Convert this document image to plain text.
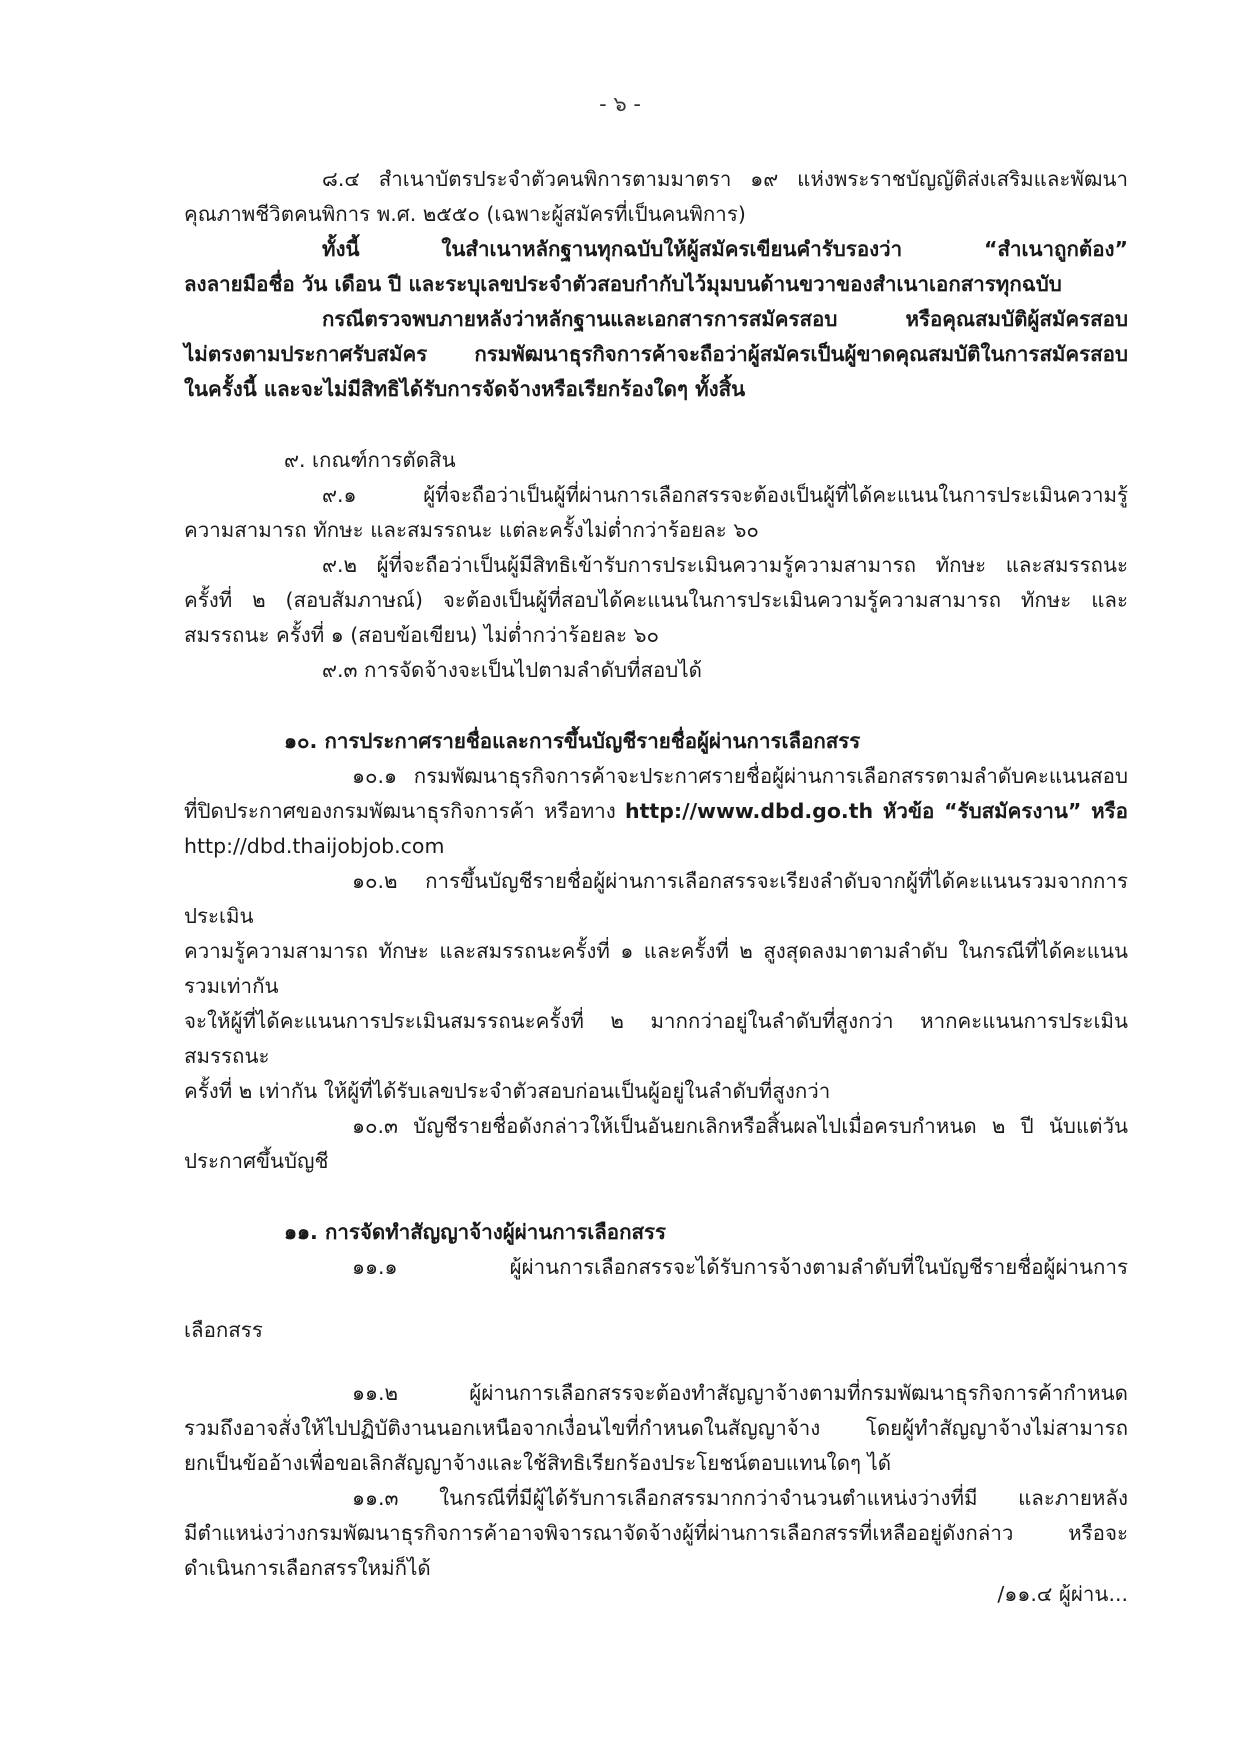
- ๖ -

๘.๔ สำเนาบัตรประจำตัวคนพิการตามมาตรา ๑๙ แห่งพระราชบัญญัติส่งเสริมและพัฒนา

คุณภาพชีวิตคนพิการ พ.ศ. ๒๕๕๐ (เฉพาะผู้สมัครที่เป็นคนพิการ)

ทั้งนี้ ในสำเนาหลักฐานทุกฉบับให้ผู้สมัครเขียนคำรับรองว่า “สำเนาถูกต้อง”

ลงลายมือชื่อ วัน เดือน ปี และระบุเลขประจำตัวสอบกำกับไว้มุมบนด้านขวาของสำเนาเอกสารทุกฉบับ

กรณีตรวจพบภายหลังว่าหลักฐานและเอกสารการสมัครสอบ หรือคุณสมบัติผู้สมัครสอบ

ไม่ตรงตามประกาศรับสมัคร กรมพัฒนาธุรกิจการค้าจะถือว่าผู้สมัครเป็นผู้ขาดคุณสมบัติในการสมัครสอบ

ในครั้งนี้ และจะไม่มีสิทธิได้รับการจัดจ้างหรือเรียกร้องใดๆ ทั้งสิ้น

๙. เกณฑ์การตัดสิน

๙.๑ ผู้ที่จะถือว่าเป็นผู้ที่ผ่านการเลือกสรรจะต้องเป็นผู้ที่ได้คะแนนในการประเมินความรู้

ความสามารถ ทักษะ และสมรรถนะ แต่ละครั้งไม่ต่ำกว่าร้อยละ ๖๐

๙.๒ ผู้ที่จะถือว่าเป็นผู้มีสิทธิเข้ารับการประเมินความรู้ความสามารถ ทักษะ และสมรรถนะ

ครั้งที่ ๒ (สอบสัมภาษณ์) จะต้องเป็นผู้ที่สอบได้คะแนนในการประเมินความรู้ความสามารถ ทักษะ และ

สมรรถนะ ครั้งที่ ๑ (สอบข้อเขียน) ไม่ต่ำกว่าร้อยละ ๖๐

๙.๓ การจัดจ้างจะเป็นไปตามลำดับที่สอบได้

๑๐. การประกาศรายชื่อและการขึ้นบัญชีรายชื่อผู้ผ่านการเลือกสรร

๑๐.๑ กรมพัฒนาธุรกิจการค้าจะประกาศรายชื่อผู้ผ่านการเลือกสรรตามลำดับคะแนนสอบ

ที่ปิดประกาศของกรมพัฒนาธุรกิจการค้า หรือทาง http://www.dbd.go.th หัวข้อ “รับสมัครงาน” หรือ

http://dbd.thaijobjob.com

๑๐.๒ การขึ้นบัญชีรายชื่อผู้ผ่านการเลือกสรรจะเรียงลำดับจากผู้ที่ได้คะแนนรวมจากการประเมิน

ความรู้ความสามารถ ทักษะ และสมรรถนะครั้งที่ ๑ และครั้งที่ ๒ สูงสุดลงมาตามลำดับ ในกรณีที่ได้คะแนนรวมเท่ากัน

จะให้ผู้ที่ได้คะแนนการประเมินสมรรถนะครั้งที่ ๒ มากกว่าอยู่ในลำดับที่สูงกว่า หากคะแนนการประเมินสมรรถนะ

ครั้งที่ ๒ เท่ากัน ให้ผู้ที่ได้รับเลขประจำตัวสอบก่อนเป็นผู้อยู่ในลำดับที่สูงกว่า

๑๐.๓ บัญชีรายชื่อดังกล่าวให้เป็นอันยกเลิกหรือสิ้นผลไปเมื่อครบกำหนด ๒ ปี นับแต่วัน

ประกาศขึ้นบัญชี

๑๑. การจัดทำสัญญาจ้างผู้ผ่านการเลือกสรร

๑๑.๑ ผู้ผ่านการเลือกสรรจะได้รับการจ้างตามลำดับที่ในบัญชีรายชื่อผู้ผ่านการ

เลือกสรร

๑๑.๒ ผู้ผ่านการเลือกสรรจะต้องทำสัญญาจ้างตามที่กรมพัฒนาธุรกิจการค้ากำหนด

รวมถึงอาจสั่งให้ไปปฏิบัติงานนอกเหนือจากเงื่อนไขที่กำหนดในสัญญาจ้าง โดยผู้ทำสัญญาจ้างไม่สามารถ

ยกเป็นข้ออ้างเพื่อขอเลิกสัญญาจ้างและใช้สิทธิเรียกร้องประโยชน์ตอบแทนใดๆ ได้

๑๑.๓ ในกรณีที่มีผู้ได้รับการเลือกสรรมากกว่าจำนวนตำแหน่งว่างที่มี และภายหลัง

มีตำแหน่งว่างกรมพัฒนาธุรกิจการค้าอาจพิจารณาจัดจ้างผู้ที่ผ่านการเลือกสรรที่เหลืออยู่ดังกล่าว หรือจะ

ดำเนินการเลือกสรรใหม่ก็ได้

/๑๑.๔ ผู้ผ่าน...
